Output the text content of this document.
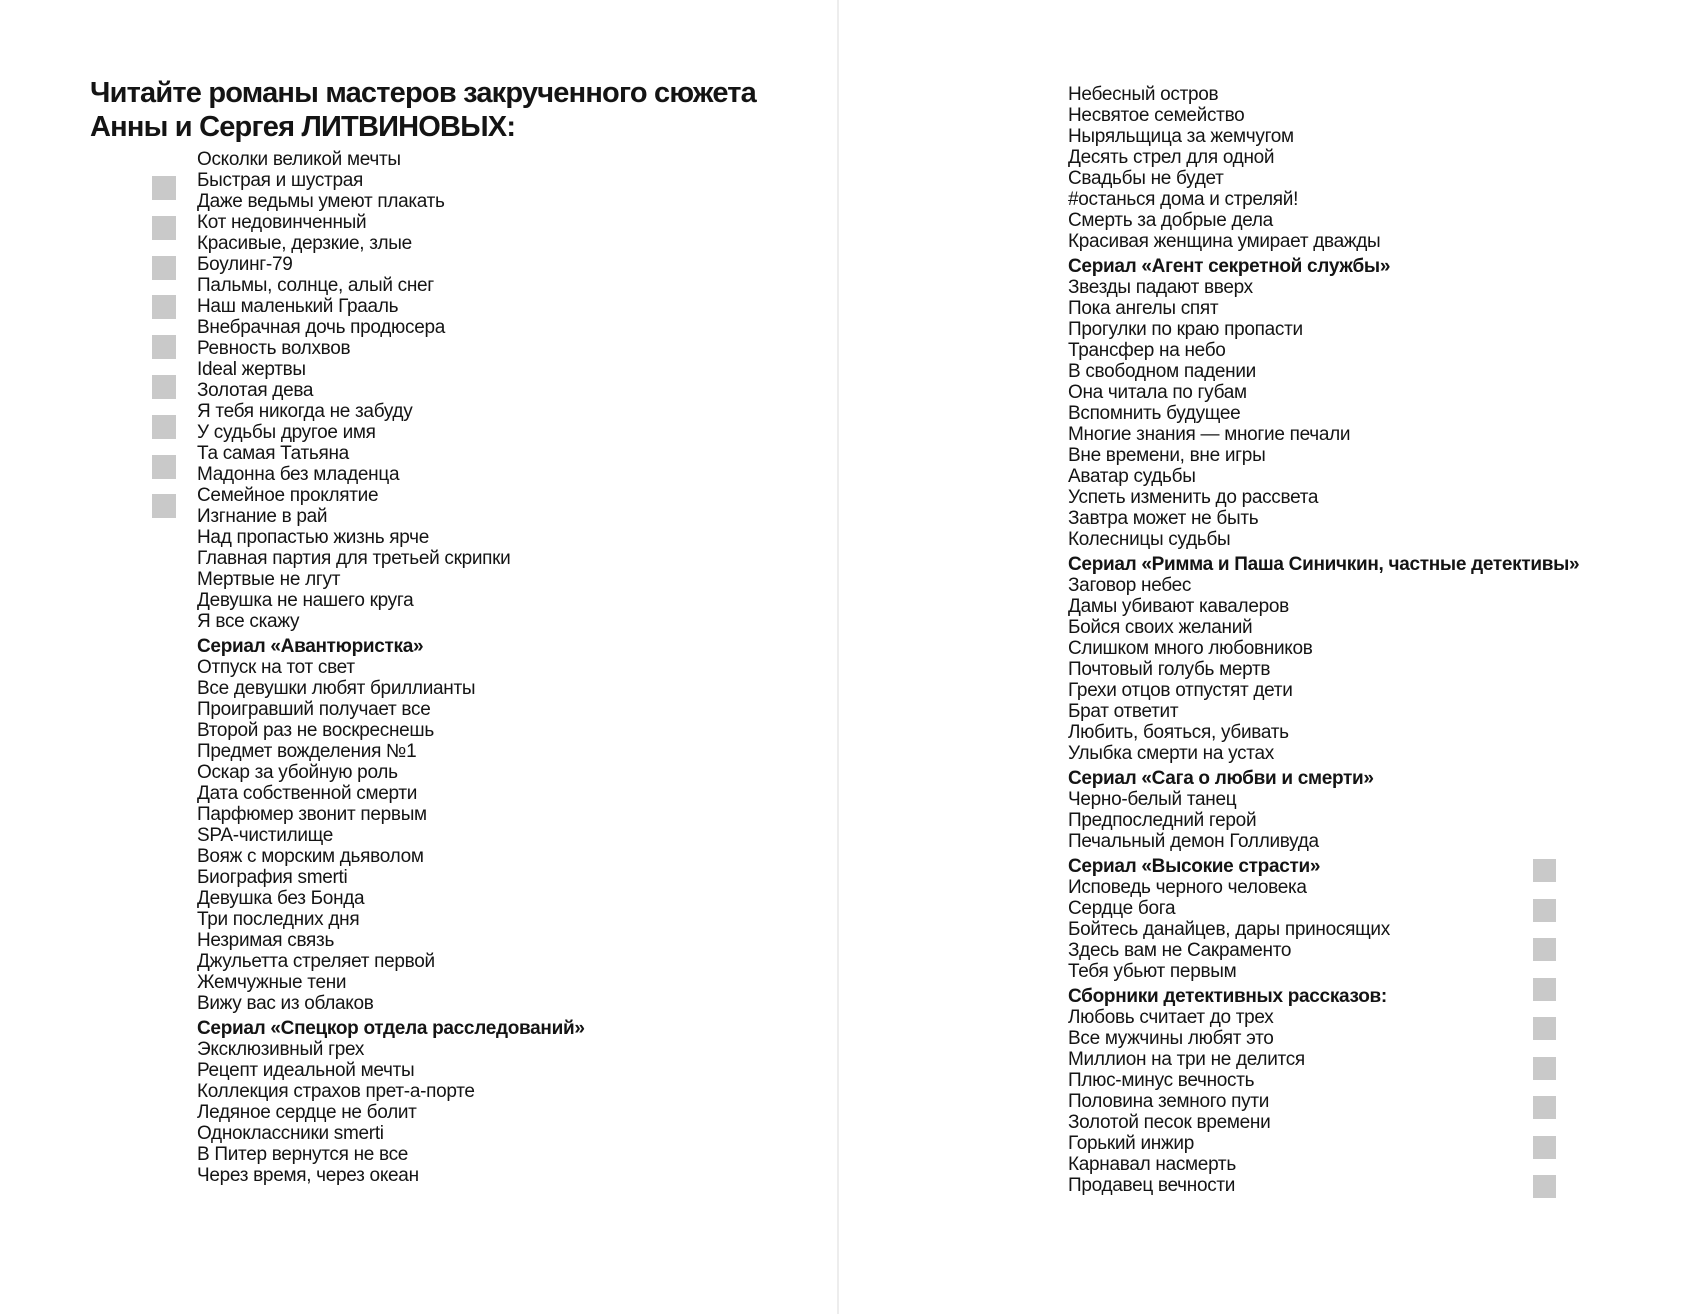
Читайте романы мастеров закрученного сюжета
Анны и Сергея ЛИТВИНОВЫХ:
Осколки великой мечты
Быстрая и шустрая
Даже ведьмы умеют плакать
Кот недовинченный
Красивые, дерзкие, злые
Боулинг-79
Пальмы, солнце, алый снег
Наш маленький Грааль
Внебрачная дочь продюсера
Ревность волхвов
Ideal жертвы
Золотая дева
Я тебя никогда не забуду
У судьбы другое имя
Та самая Татьяна
Мадонна без младенца
Семейное проклятие
Изгнание в рай
Над пропастью жизнь ярче
Главная партия для третьей скрипки
Мертвые не лгут
Девушка не нашего круга
Я все скажу
Сериал «Авантюристка»
Отпуск на тот свет
Все девушки любят бриллианты
Проигравший получает все
Второй раз не воскреснешь
Предмет вожделения №1
Оскар за убойную роль
Дата собственной смерти
Парфюмер звонит первым
SPA-чистилище
Вояж с морским дьяволом
Биография smerti
Девушка без Бонда
Три последних дня
Незримая связь
Джульетта стреляет первой
Жемчужные тени
Вижу вас из облаков
Сериал «Спецкор отдела расследований»
Эксклюзивный грех
Рецепт идеальной мечты
Коллекция страхов прет-а-порте
Ледяное сердце не болит
Одноклассники smerti
В Питер вернутся не все
Через время, через океан
Небесный остров
Несвятое семейство
Ныряльщица за жемчугом
Десять стрел для одной
Свадьбы не будет
#останься дома и стреляй!
Смерть за добрые дела
Красивая женщина умирает дважды
Сериал «Агент секретной службы»
Звезды падают вверх
Пока ангелы спят
Прогулки по краю пропасти
Трансфер на небо
В свободном падении
Она читала по губам
Вспомнить будущее
Многие знания — многие печали
Вне времени, вне игры
Аватар судьбы
Успеть изменить до рассвета
Завтра может не быть
Колесницы судьбы
Сериал «Римма и Паша Синичкин, частные детективы»
Заговор небес
Дамы убивают кавалеров
Бойся своих желаний
Слишком много любовников
Почтовый голубь мертв
Грехи отцов отпустят дети
Брат ответит
Любить, бояться, убивать
Улыбка смерти на устах
Сериал «Сага о любви и смерти»
Черно-белый танец
Предпоследний герой
Печальный демон Голливуда
Сериал «Высокие страсти»
Исповедь черного человека
Сердце бога
Бойтесь данайцев, дары приносящих
Здесь вам не Сакраменто
Тебя убьют первым
Сборники детективных рассказов:
Любовь считает до трех
Все мужчины любят это
Миллион на три не делится
Плюс-минус вечность
Половина земного пути
Золотой песок времени
Горький инжир
Карнавал насмерть
Продавец вечности
